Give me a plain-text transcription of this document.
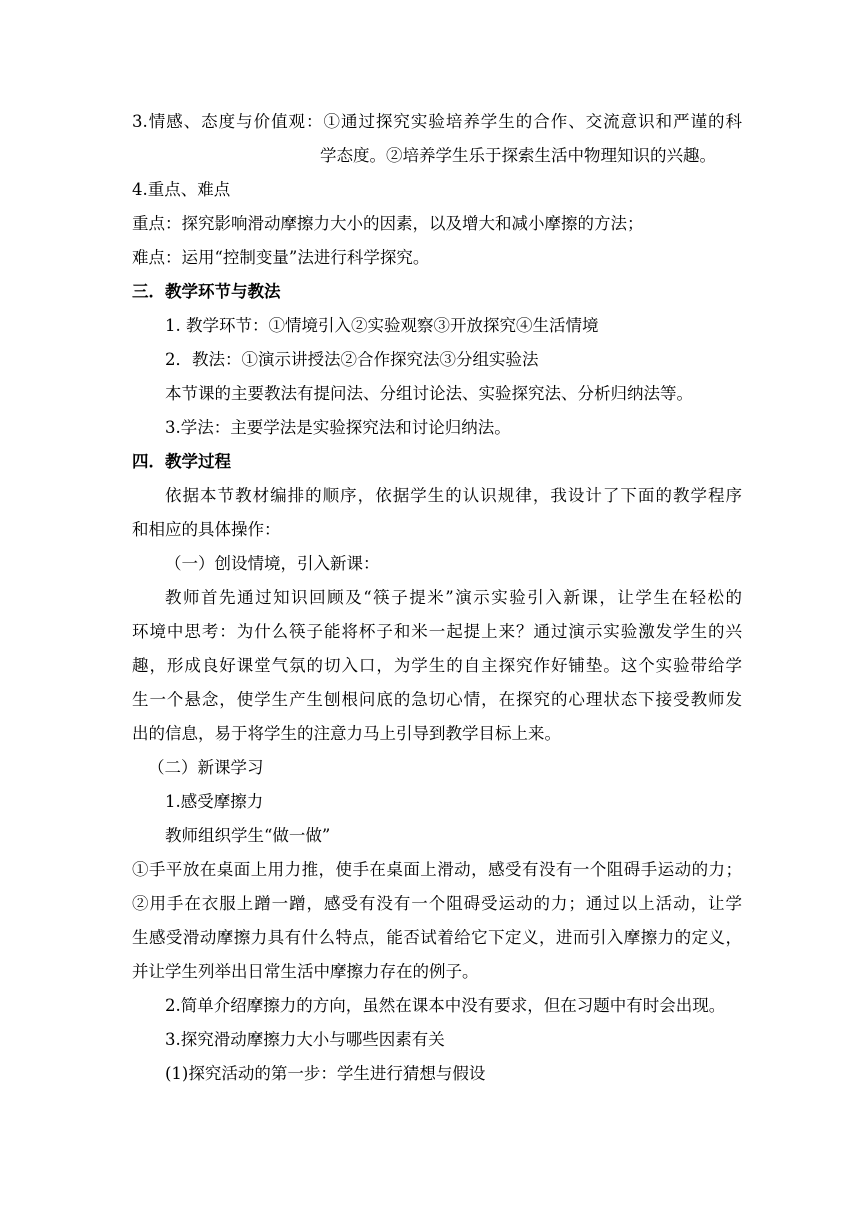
3.情感、态度与价值观：①通过探究实验培养学生的合作、交流意识和严谨的科
学态度。②培养学生乐于探索生活中物理知识的兴趣。
4.重点、难点
重点：探究影响滑动摩擦力大小的因素，以及增大和减小摩擦的方法；
难点：运用“控制变量”法进行科学探究。
三．教学环节与教法
1. 教学环节：①情境引入②实验观察③开放探究④生活情境
2．教法：①演示讲授法②合作探究法③分组实验法
本节课的主要教法有提问法、分组讨论法、实验探究法、分析归纳法等。
3.学法：主要学法是实验探究法和讨论归纳法。
四．教学过程
依据本节教材编排的顺序，依据学生的认识规律，我设计了下面的教学程序
和相应的具体操作：
（一）创设情境，引入新课：
教师首先通过知识回顾及“筷子提米”演示实验引入新课，让学生在轻松的
环境中思考：为什么筷子能将杯子和米一起提上来？通过演示实验激发学生的兴
趣，形成良好课堂气氛的切入口，为学生的自主探究作好铺垫。这个实验带给学
生一个悬念，使学生产生刨根问底的急切心情，在探究的心理状态下接受教师发
出的信息，易于将学生的注意力马上引导到教学目标上来。
（二）新课学习
1.感受摩擦力
教师组织学生“做一做”
①手平放在桌面上用力推，使手在桌面上滑动，感受有没有一个阻碍手运动的力；
②用手在衣服上蹭一蹭，感受有没有一个阻碍受运动的力；通过以上活动，让学
生感受滑动摩擦力具有什么特点，能否试着给它下定义，进而引入摩擦力的定义，
并让学生列举出日常生活中摩擦力存在的例子。
2.简单介绍摩擦力的方向，虽然在课本中没有要求，但在习题中有时会出现。
3.探究滑动摩擦力大小与哪些因素有关
(1)探究活动的第一步：学生进行猜想与假设
